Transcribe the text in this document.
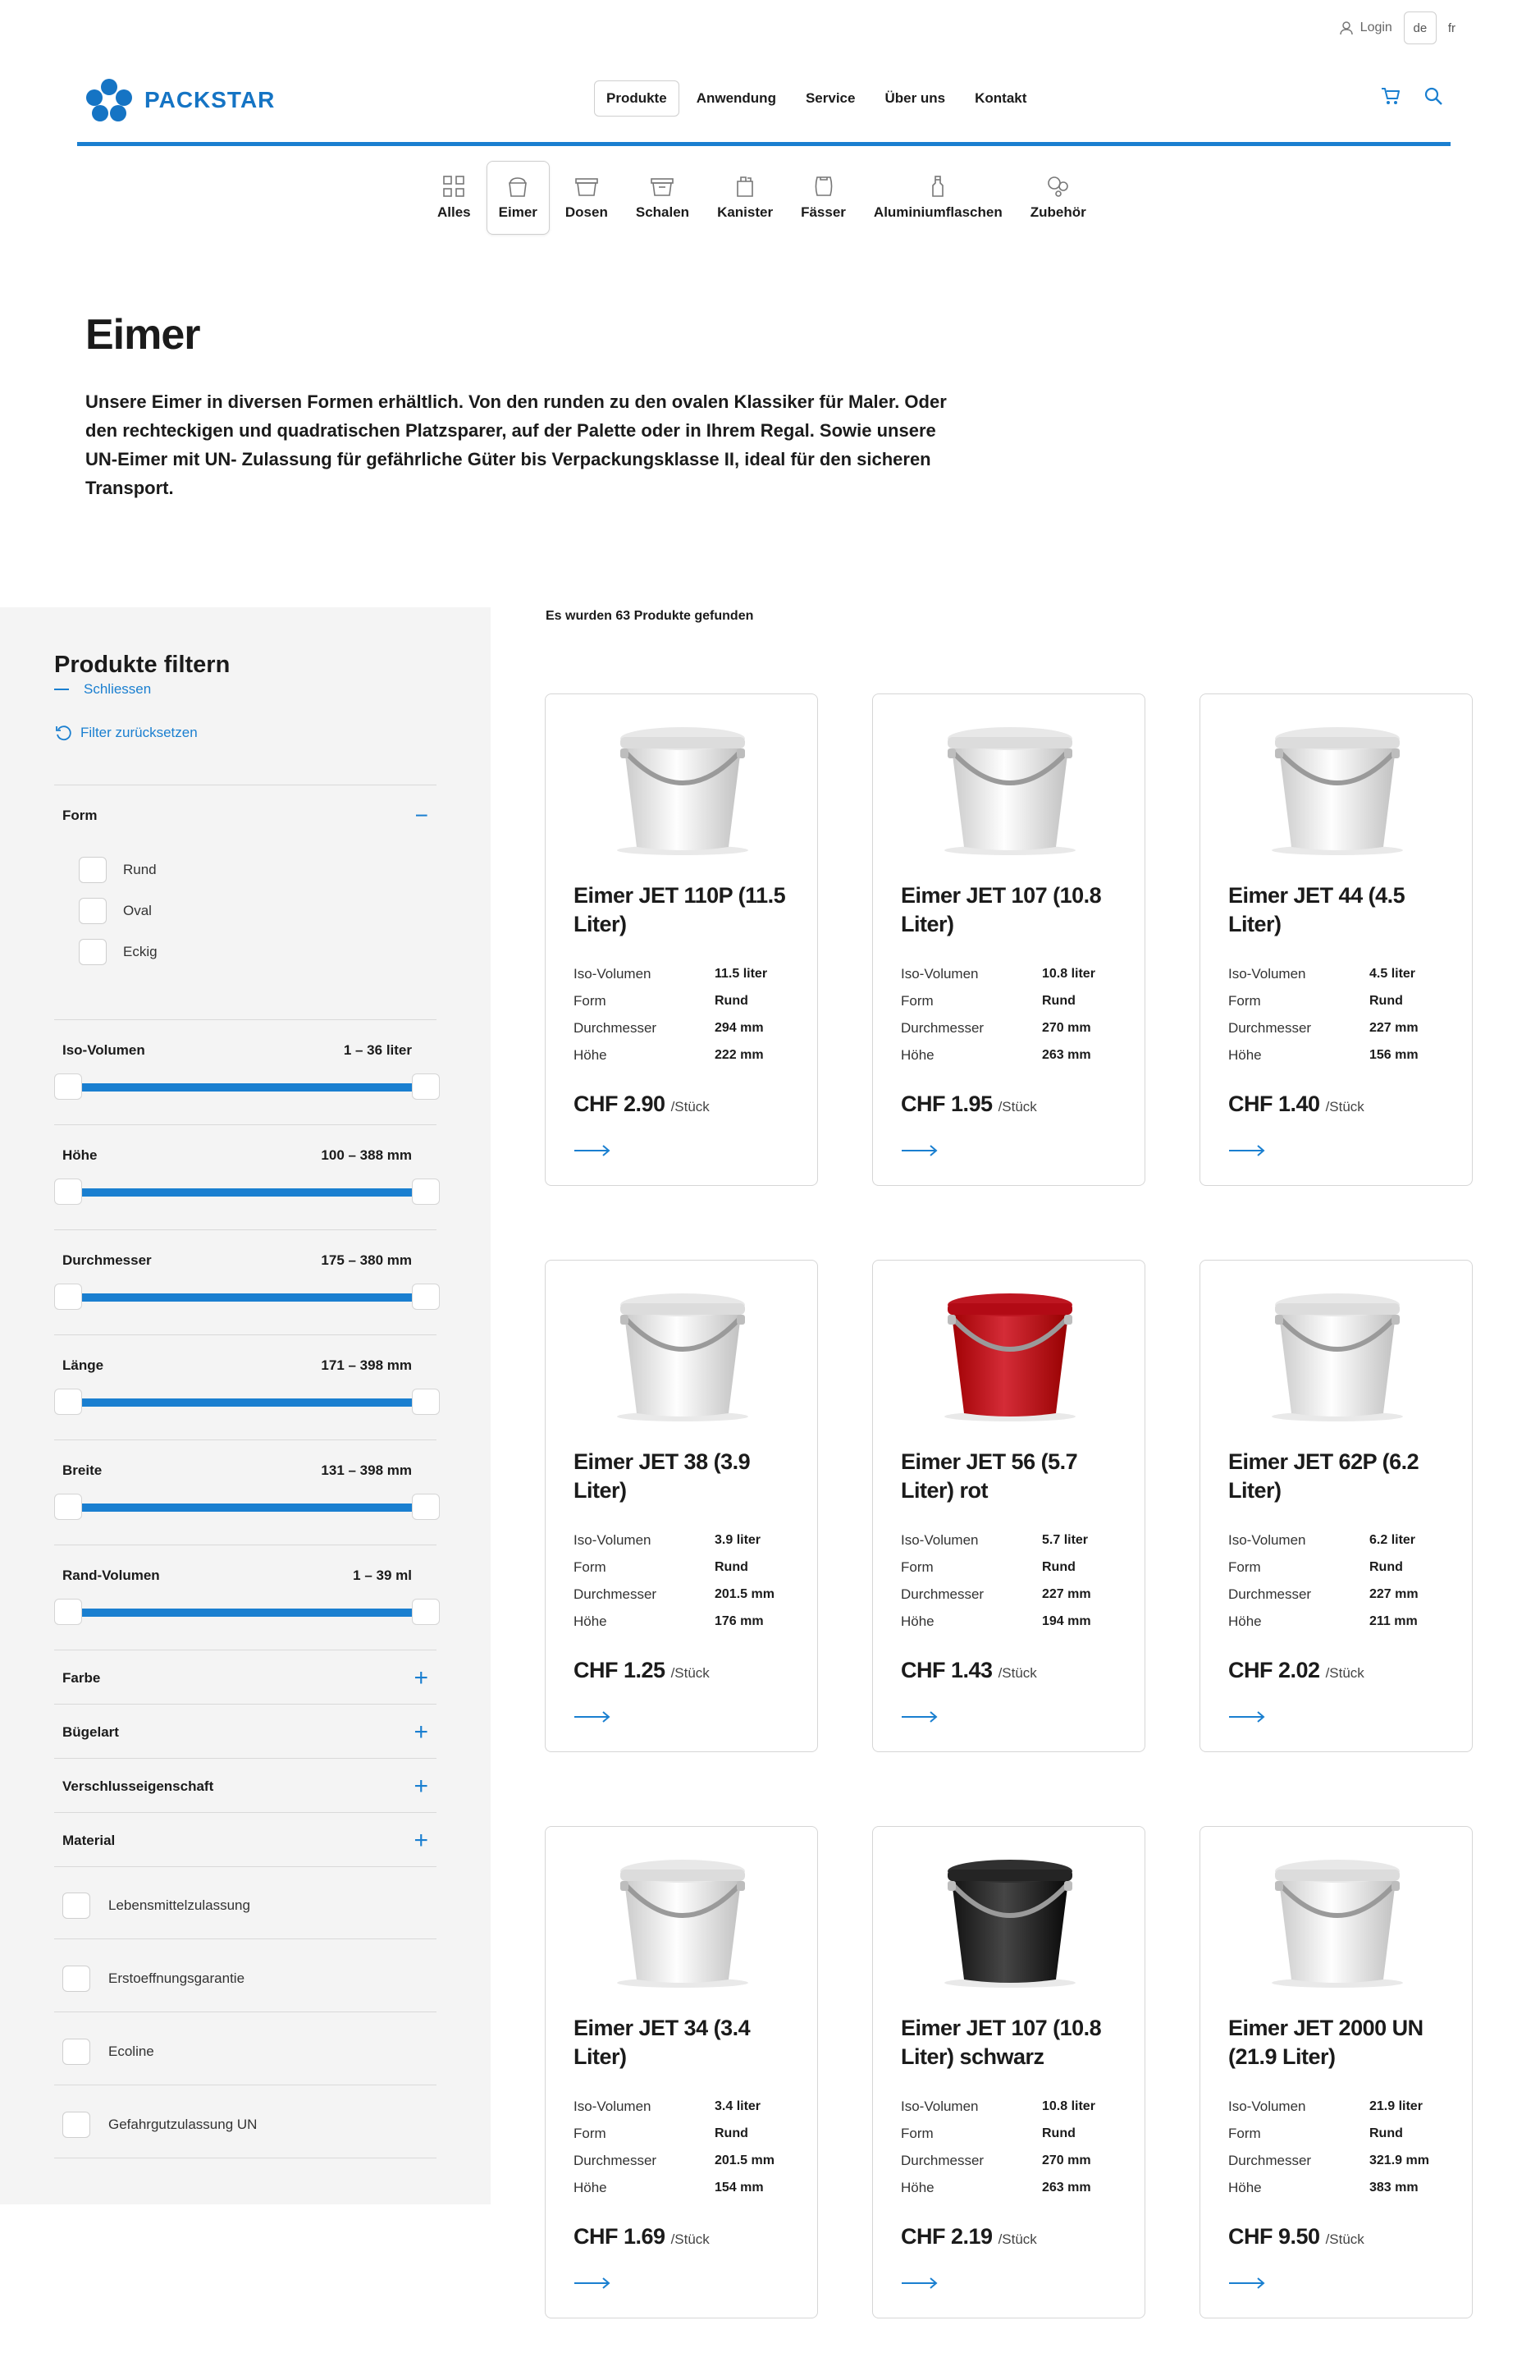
Login	de	fr
PACKSTAR	Produkte	Anwendung	Service	Über uns	Kontakt
Alles Eimer Dosen Schalen Kanister Fässer Aluminiumflaschen Zubehör
Eimer

Unsere Eimer in diversen Formen erhältlich. Von den runden zu den ovalen Klassiker für Maler. Oder den rechteckigen und quadratischen Platzsparer, auf der Palette oder in Ihrem Regal. Sowie unsere UN-Eimer mit UN- Zulassung für gefährliche Güter bis Verpackungsklasse II, ideal für den sicheren Transport.

Produkte filtern
Schliessen
Filter zurücksetzen
Form	−
Rund
Oval
Eckig
Iso-Volumen	1 – 36 liter
Höhe	100 – 388 mm
Durchmesser	175 – 380 mm
Länge	171 – 398 mm
Breite	131 – 398 mm
Rand-Volumen	1 – 39 ml
Farbe	+
Bügelart	+
Verschlusseigenschaft	+
Material	+
Lebensmittelzulassung
Erstoeffnungsgarantie
Ecoline
Gefahrgutzulassung UN
Es wurden 63 Produkte gefunden
Eimer JET 110P (11.5 Liter)
Iso-Volumen	11.5 liter
Form	Rund
Durchmesser	294 mm
Höhe	222 mm
CHF 2.90 /Stück
Eimer JET 107 (10.8 Liter)
Iso-Volumen	10.8 liter
Form	Rund
Durchmesser	270 mm
Höhe	263 mm
CHF 1.95 /Stück
Eimer JET 44 (4.5 Liter)
Iso-Volumen	4.5 liter
Form	Rund
Durchmesser	227 mm
Höhe	156 mm
CHF 1.40 /Stück
Eimer JET 38 (3.9 Liter)
Iso-Volumen	3.9 liter
Form	Rund
Durchmesser	201.5 mm
Höhe	176 mm
CHF 1.25 /Stück
Eimer JET 56 (5.7 Liter) rot
Iso-Volumen	5.7 liter
Form	Rund
Durchmesser	227 mm
Höhe	194 mm
CHF 1.43 /Stück
Eimer JET 62P (6.2 Liter)
Iso-Volumen	6.2 liter
Form	Rund
Durchmesser	227 mm
Höhe	211 mm
CHF 2.02 /Stück
Eimer JET 34 (3.4 Liter)
Iso-Volumen	3.4 liter
Form	Rund
Durchmesser	201.5 mm
Höhe	154 mm
CHF 1.69 /Stück
Eimer JET 107 (10.8 Liter) schwarz
Iso-Volumen	10.8 liter
Form	Rund
Durchmesser	270 mm
Höhe	263 mm
CHF 2.19 /Stück
Eimer JET 2000 UN (21.9 Liter)
Iso-Volumen	21.9 liter
Form	Rund
Durchmesser	321.9 mm
Höhe	383 mm
CHF 9.50 /Stück
